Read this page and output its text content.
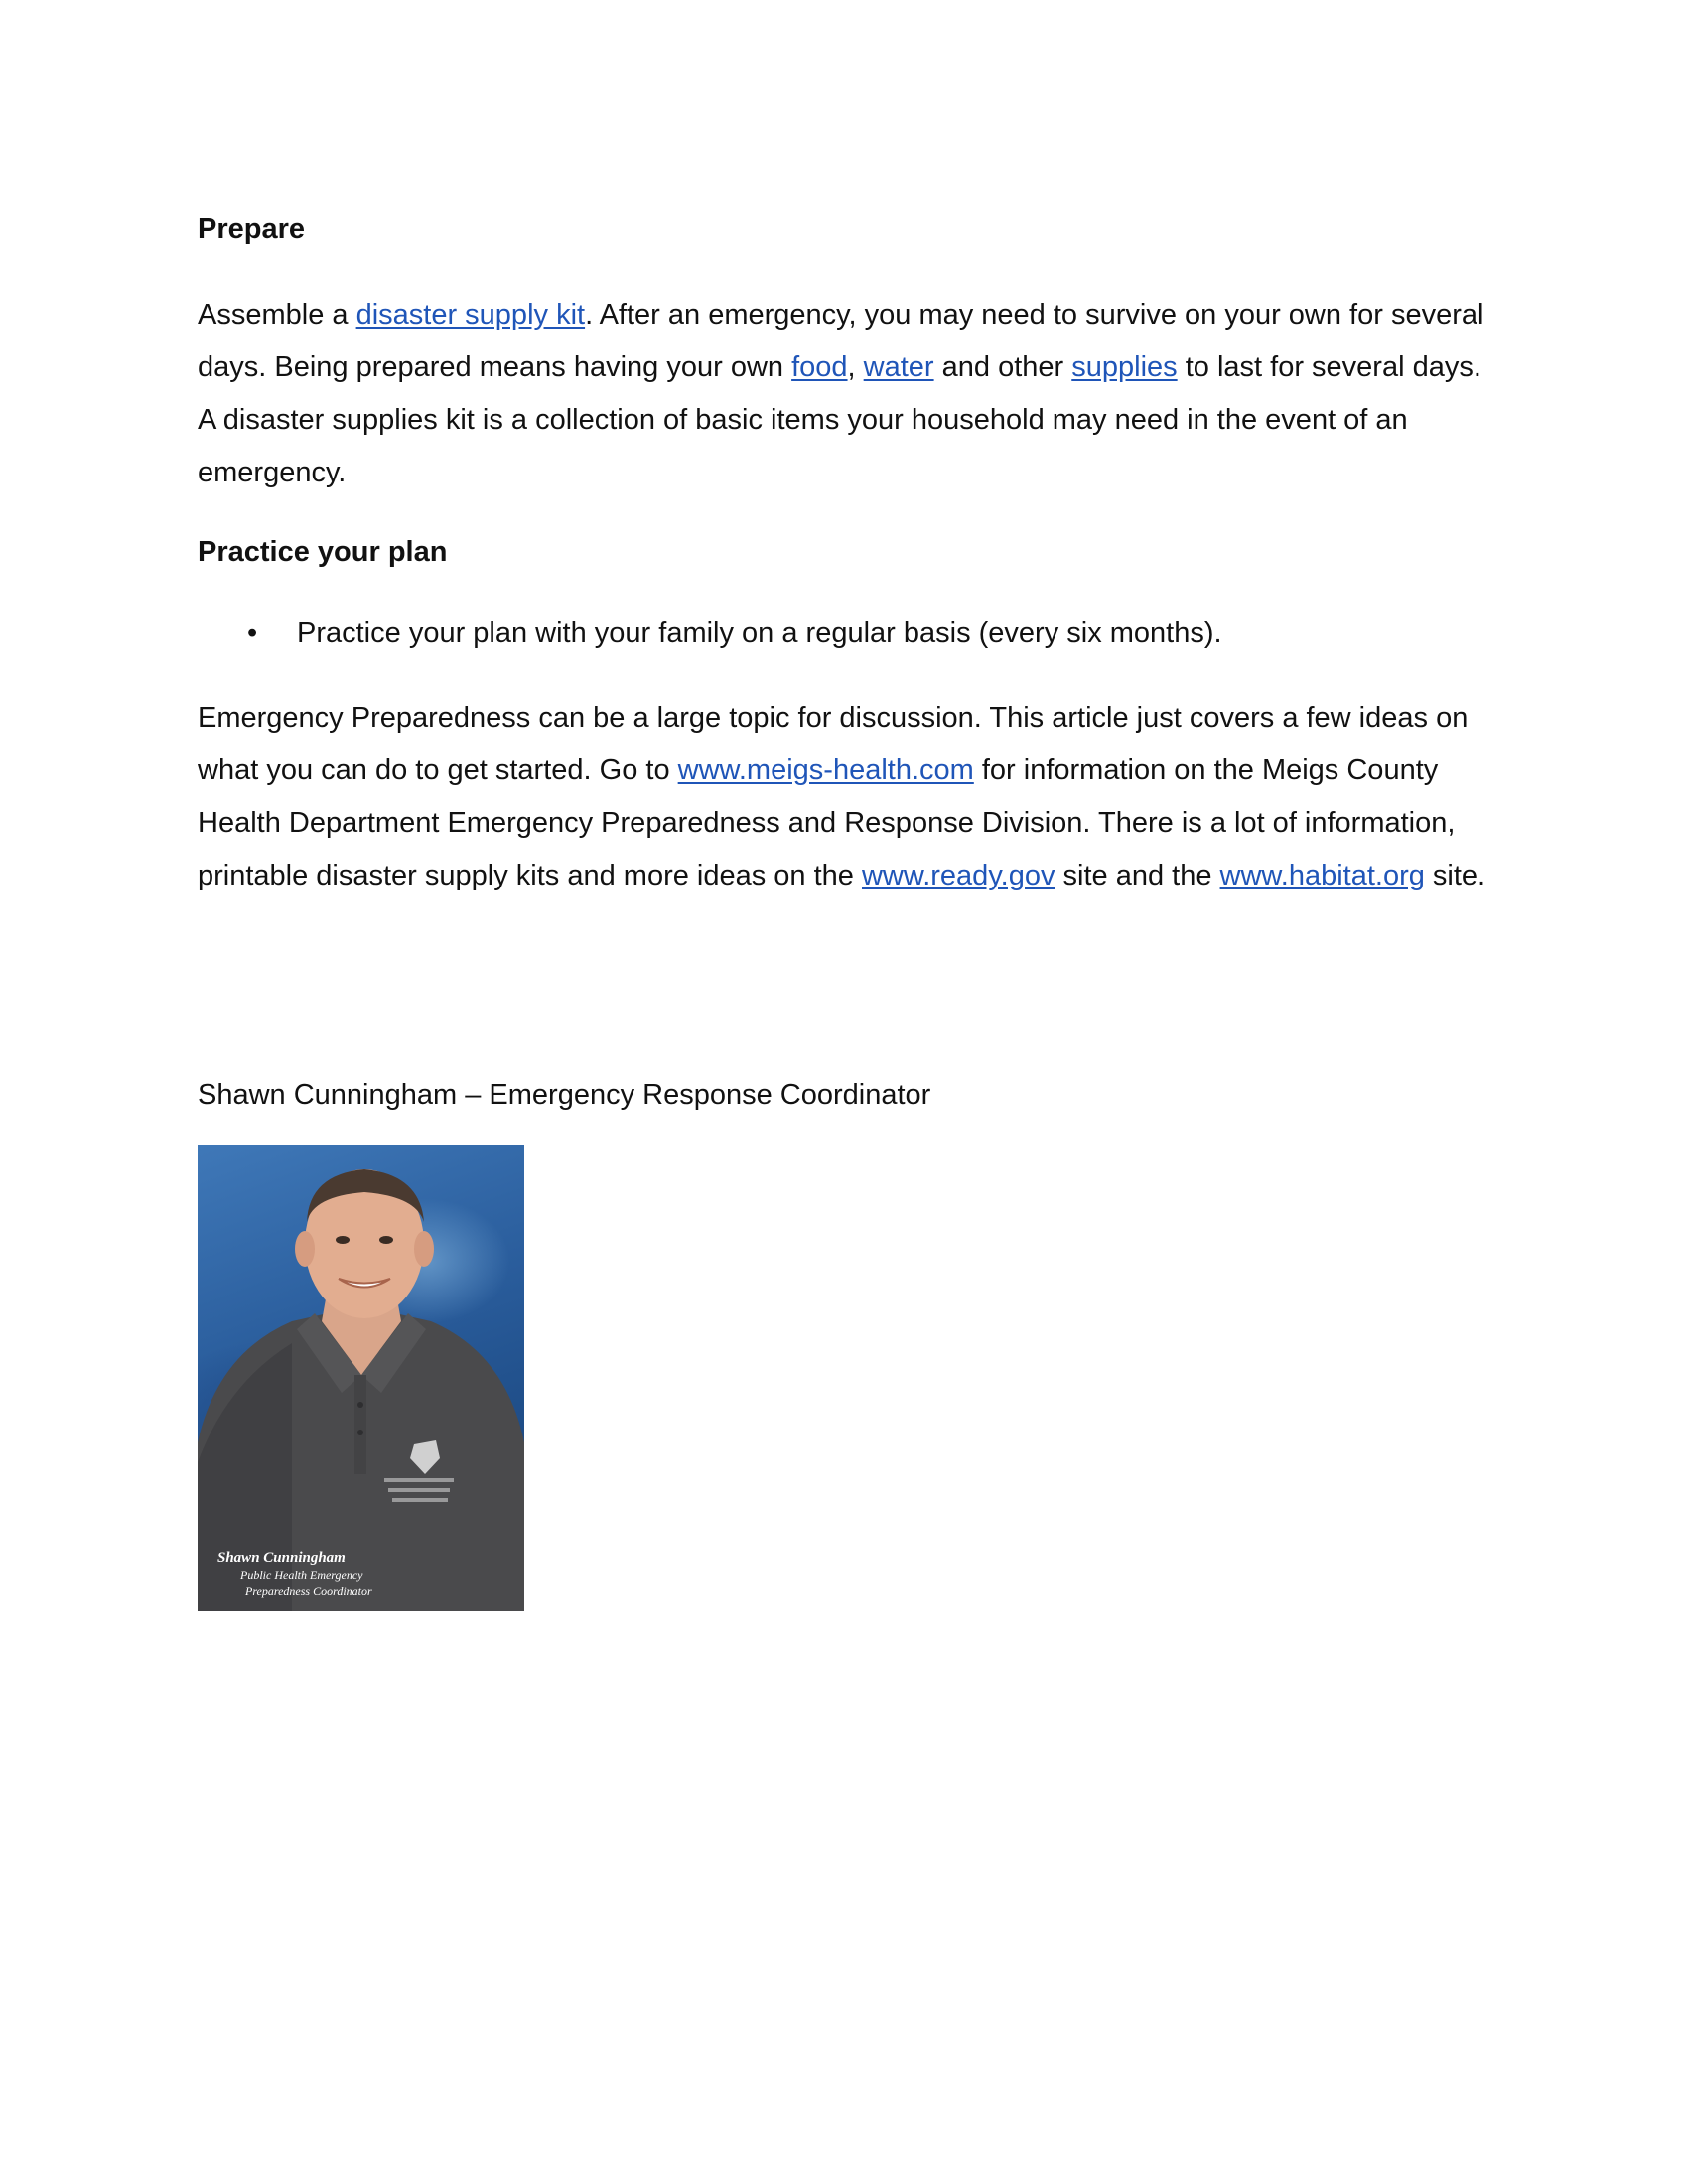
Prepare
Assemble a disaster supply kit. After an emergency, you may need to survive on your own for several days. Being prepared means having your own food, water and other supplies to last for several days. A disaster supplies kit is a collection of basic items your household may need in the event of an emergency.
Practice your plan
• Practice your plan with your family on a regular basis (every six months).
Emergency Preparedness can be a large topic for discussion. This article just covers a few ideas on what you can do to get started. Go to www.meigs-health.com for information on the Meigs County Health Department Emergency Preparedness and Response Division. There is a lot of information, printable disaster supply kits and more ideas on the www.ready.gov site and the www.habitat.org site.
Shawn Cunningham – Emergency Response Coordinator
Shawn Cunningham
Public Health Emergency
Preparedness Coordinator
